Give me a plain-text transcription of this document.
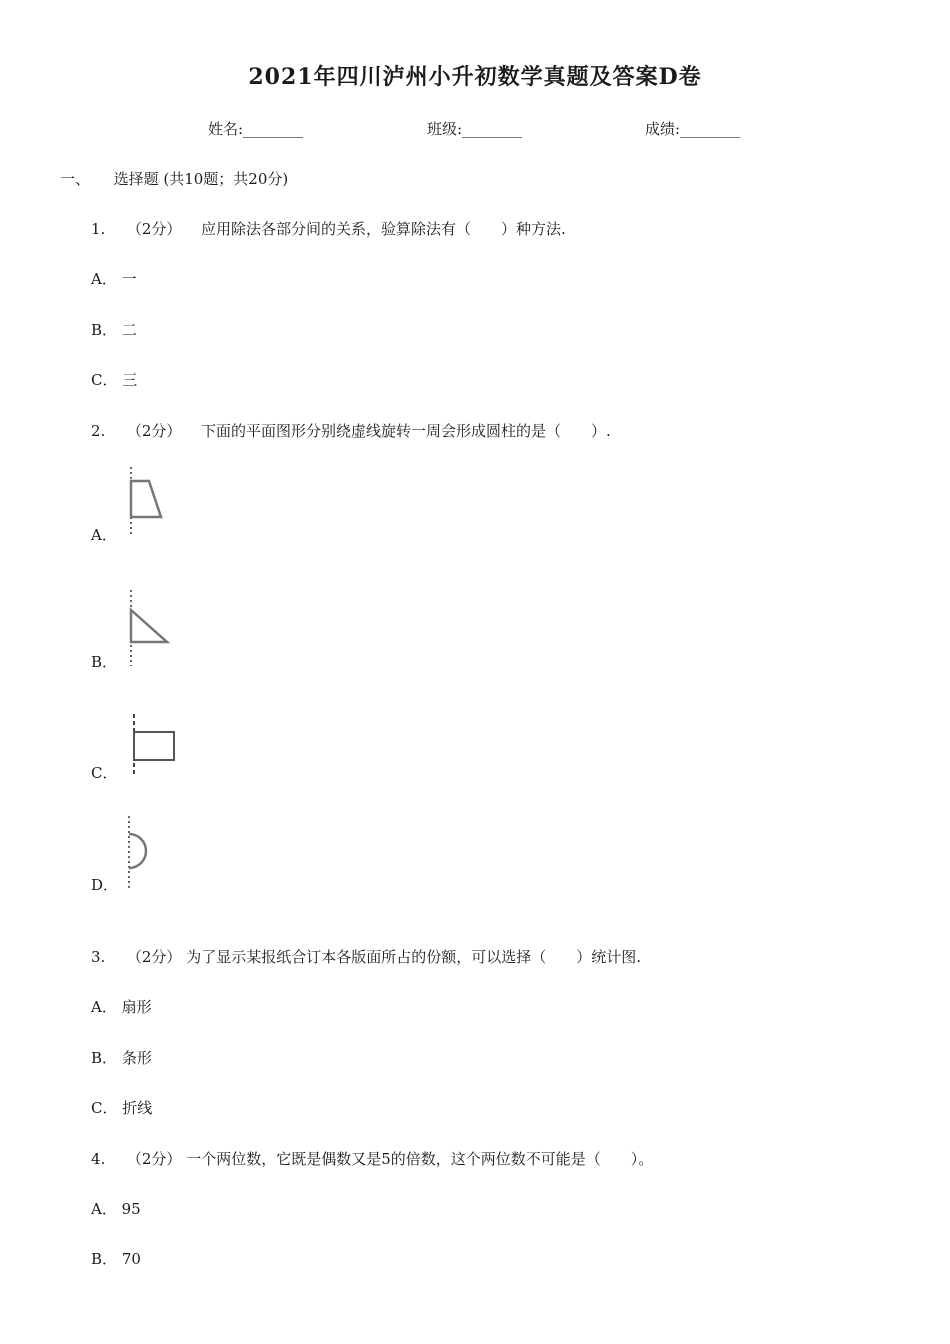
2021年四川泸州小升初数学真题及答案D卷
姓名:________	班级:________	成绩:________
一、 选择题 (共10题；共20分)
1. （2分） 应用除法各部分间的关系，验算除法有（　　）种方法.
A． 一
B． 二
C． 三
2. （2分） 下面的平面图形分别绕虚线旋转一周会形成圆柱的是（　　）.
A．
B．
C．
D．
3. （2分） 为了显示某报纸合订本各版面所占的份额，可以选择（　　）统计图.
A． 扇形
B． 条形
C． 折线
4. （2分） 一个两位数，它既是偶数又是5的倍数，这个两位数不可能是（　　）。
A． 95
B． 70
